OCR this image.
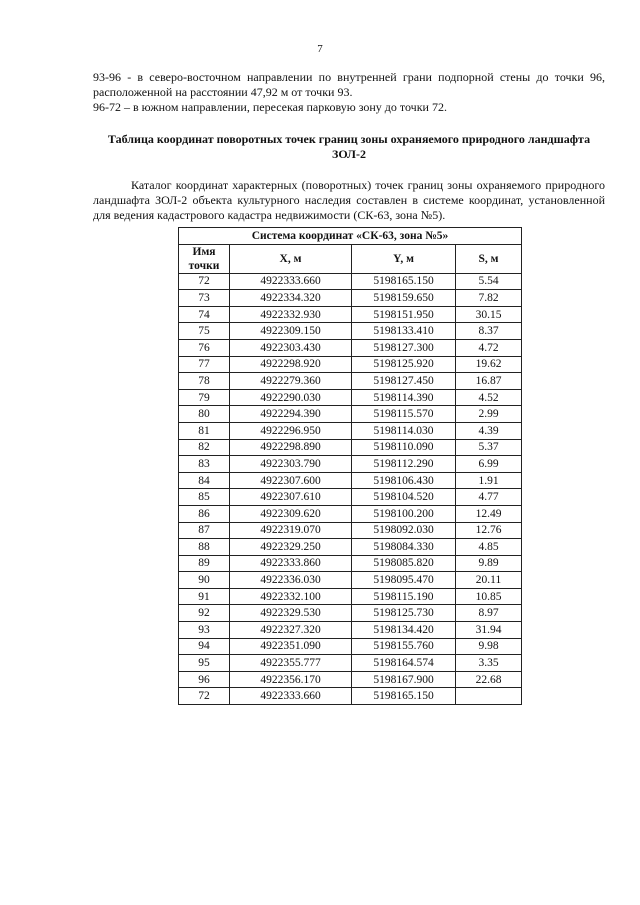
7

93-96 - в северо-восточном направлении по внутренней грани подпорной стены до точки 96, расположенной на расстоянии 47,92 м от точки 93.

96-72 – в южном направлении, пересекая парковую зону до точки 72.

Таблица координат поворотных точек границ зоны охраняемого природного ландшафта ЗОЛ-2
Каталог координат характерных (поворотных) точек границ зоны охраняемого природного ландшафта ЗОЛ-2 объекта культурного наследия составлен в системе координат, установленной для ведения кадастрового кадастра недвижимости (СК-63, зона №5).
Система координат «СК-63, зона №5»			
Имя точки	X, м	Y, м	S, м
72	4922333.660	5198165.150	5.54
73	4922334.320	5198159.650	7.82
74	4922332.930	5198151.950	30.15
75	4922309.150	5198133.410	8.37
76	4922303.430	5198127.300	4.72
77	4922298.920	5198125.920	19.62
78	4922279.360	5198127.450	16.87
79	4922290.030	5198114.390	4.52
80	4922294.390	5198115.570	2.99
81	4922296.950	5198114.030	4.39
82	4922298.890	5198110.090	5.37
83	4922303.790	5198112.290	6.99
84	4922307.600	5198106.430	1.91
85	4922307.610	5198104.520	4.77
86	4922309.620	5198100.200	12.49
87	4922319.070	5198092.030	12.76
88	4922329.250	5198084.330	4.85
89	4922333.860	5198085.820	9.89
90	4922336.030	5198095.470	20.11
91	4922332.100	5198115.190	10.85
92	4922329.530	5198125.730	8.97
93	4922327.320	5198134.420	31.94
94	4922351.090	5198155.760	9.98
95	4922355.777	5198164.574	3.35
96	4922356.170	5198167.900	22.68
72	4922333.660	5198165.150	
